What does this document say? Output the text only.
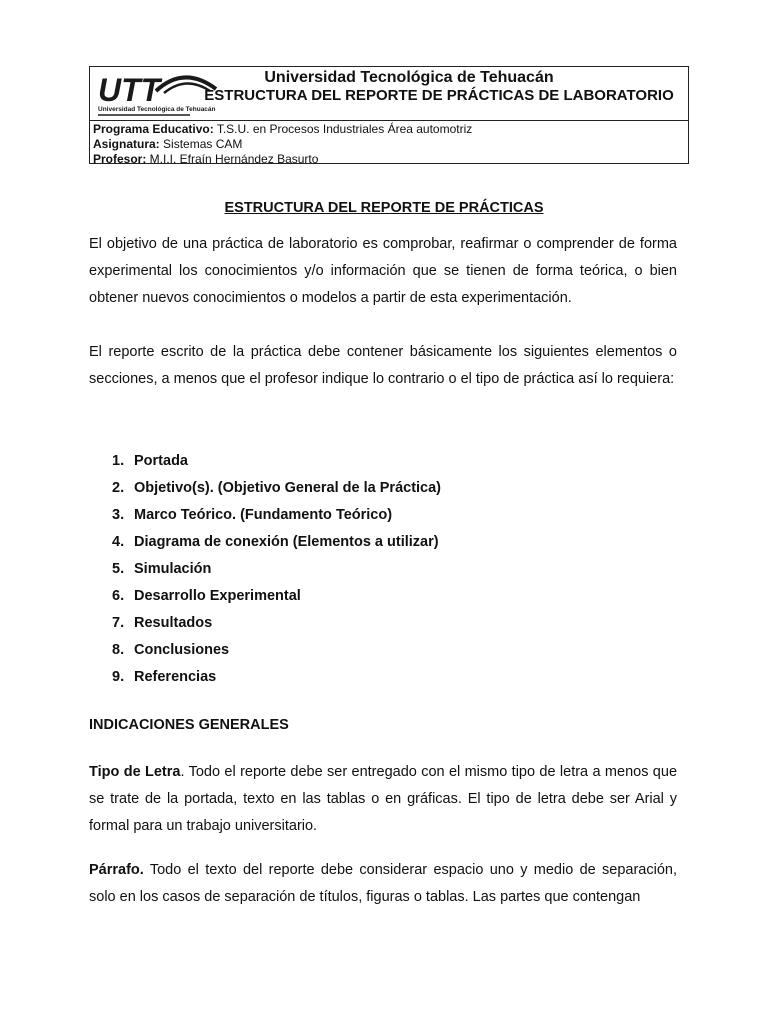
UTT
Universidad Tecnológica de Tehuacán
Universidad Tecnológica de Tehuacán
ESTRUCTURA DEL REPORTE DE PRÁCTICAS DE LABORATORIO
Programa Educativo: T.S.U. en Procesos Industriales Área automotriz
Asignatura: Sistemas CAM
Profesor: M.I.I. Efraín Hernández Basurto
ESTRUCTURA DEL REPORTE DE PRÁCTICAS

El objetivo de una práctica de laboratorio es comprobar, reafirmar o comprender de forma experimental los conocimientos y/o información que se tienen de forma teórica, o bien obtener nuevos conocimientos o modelos a partir de esta experimentación.

El reporte escrito de la práctica debe contener básicamente los siguientes elementos o secciones, a menos que el profesor indique lo contrario o el tipo de práctica así lo requiera:

1. Portada
2. Objetivo(s). (Objetivo General de la Práctica)
3. Marco Teórico. (Fundamento Teórico)
4. Diagrama de conexión (Elementos a utilizar)
5. Simulación
6. Desarrollo Experimental
7. Resultados
8. Conclusiones
9. Referencias
INDICACIONES GENERALES

Tipo de Letra. Todo el reporte debe ser entregado con el mismo tipo de letra a menos que se trate de la portada, texto en las tablas o en gráficas. El tipo de letra debe ser Arial y formal para un trabajo universitario.

Párrafo. Todo el texto del reporte debe considerar espacio uno y medio de separación, solo en los casos de separación de títulos, figuras o tablas. Las partes que contengan
